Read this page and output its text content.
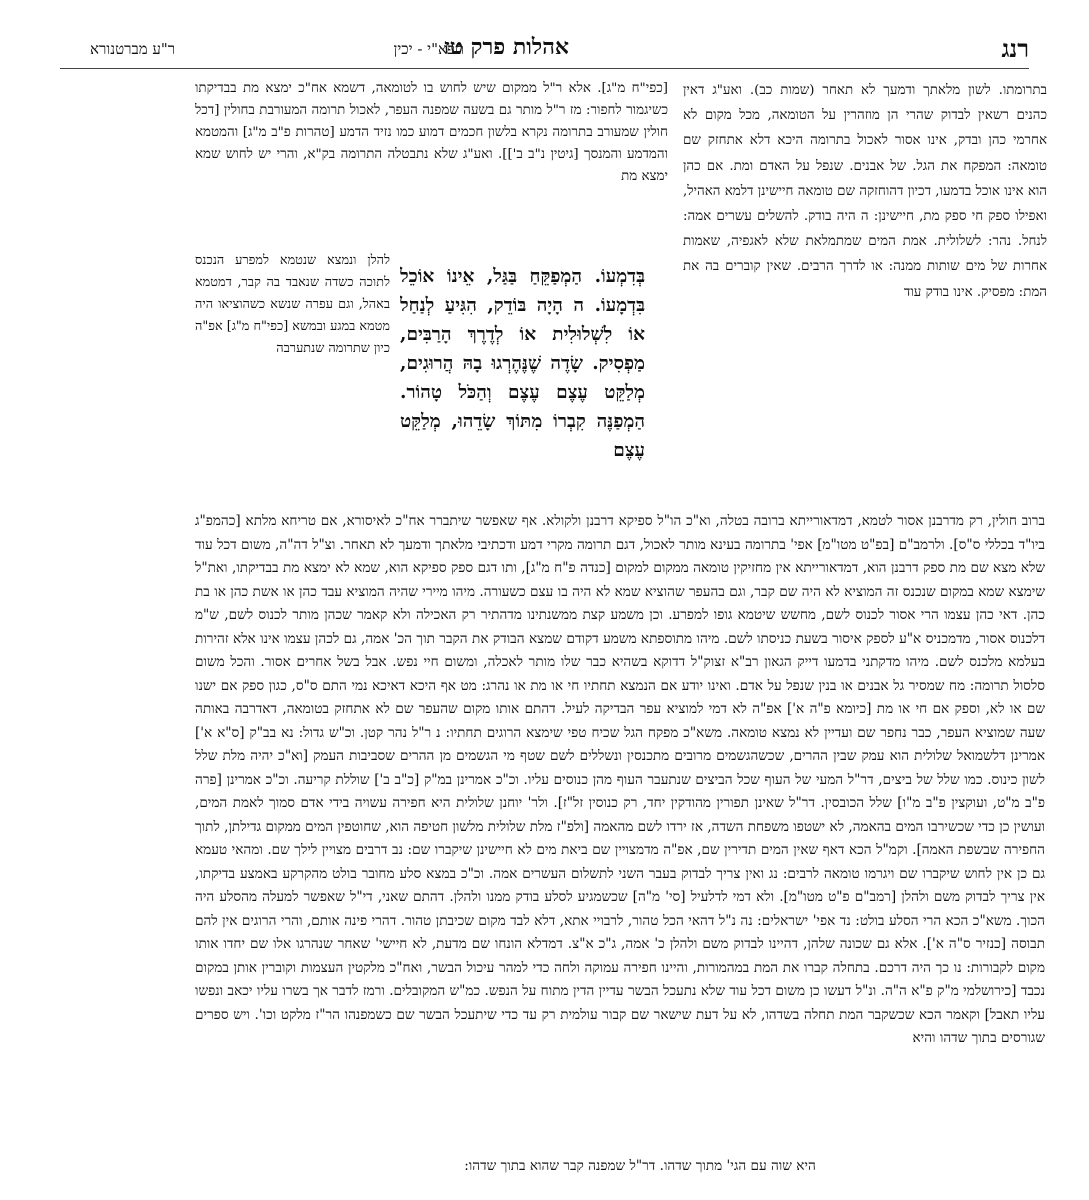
רנג
אהלות פרק טז
תפא"י - יכין
ר"ע מברטנורא

בתרומתו. לשון מלאתך ודמעך לא תאחר (שמות כב). ואע"ג דאין כהנים רשאין לבדוק שהרי הן מוזהרין על הטומאה, מכל מקום לא אחרמי כהן ובדק, אינו אסור לאכול בתרומה היכא דלא אתחזק שם טומאה: המפקח את הגל. של אבנים. שנפל על האדם ומת. אם כהן הוא אינו אוכל בדמעו, דכיון דהוחזקה שם טומאה חיישינן דלמא האהיל, ואפילו ספק חי ספק מת, חיישינן: ה היה בודק. להשלים עשרים אמה: לנחל. נהר: לשלולית. אמת המים שמתמלאת שלא לאגפיה, שאמות אחרות של מים שותות ממנה: או לדרך הרבים. שאין קוברים בה את המת: מפסיק. אינו בודק עוד

בְּדִמְעוֹ. הַמְפַקֵּחַ בַּגַּל, אֵינוֹ אוֹכֵל בִּדְמָעוֹ. ה הָיָה בּוֹדֵק, הִגִּיעַ לְנַחַל אוֹ לִשְׁלוּלִית אוֹ לְדֶרֶךְ הָרַבִּים, מַפְסִיק. שָׂדֶה שֶׁנֶּהֶרְגוּ בָהּ הֲרוּגִים, מְלַקֵּט עֶצֶם עֶצֶם וְהַכֹּל טָהוֹר. הַמְפַנֶּה קִבְרוֹ מִתּוֹךְ שָׂדֵהוּ, מְלַקֵּט עֶצֶם

[כפי"ח מ"ג]. אלא ר"ל ממקום שיש לחוש בו לטומאה, דשמא אח"כ ימצא מת בבדיקתו כשיגמור לחפור: מז ר"ל מותר גם בשעה שמפנה העפר, לאכול תרומה המעורבת בחולין [דכל חולין שמעורב בתרומה נקרא בלשון חכמים דמוע כמו נזיד הדמע [טהרות פ"ב מ"ג] והמטמא והמדמע והמנסך [גיטין נ"ב ב']]. ואע"ג שלא נתבטלה התרומה בק"א, והרי יש לחוש שמא ימצא מת

להלן ונמצא שנטמא למפרע הנכנס לתוכה כשדה שנאבד בה קבר, דמטמא באהל, וגם עפרה שנשא כשהוציאו היה מטמא במגע ובמשא [כפי"ח מ"ג] אפ"ה כיון שתרומה שנתערבה

ברוב חולין, רק מדרבנן אסור לטמא, דמדאורייתא ברובה בטלה, וא"כ הו"ל ספיקא דרבנן ולקולא. אף שאפשר שיתברר אח"כ לאיסורא, אם טריחא מלתא [כהמפ"ג ביו"ד בכללי ס"ס]. ולרמב"ם [בפ"ט מטו"מ] אפי' בתרומה בעינא מותר לאכול, דגם תרומה מקרי דמע ודכתיבי מלאתך ודמעך לא תאחר. וצ"ל דה"ה, משום דכל עוד שלא מצא שם מת ספק דרבנן הוא, דמדאורייתא אין מחזיקין טומאה ממקום למקום [כנדה פ"ח מ"ג], ותו דגם ספק ספיקא הוא, שמא לא ימצא מת בבדיקתו, ואת"ל שימצא שמא במקום שנכנס זה המוציא לא היה שם קבר, וגם בהעפר שהוציא שמא לא היה בו עצם כשעורה. מיהו מיירי שהיה המוציא עבד כהן או אשת כהן או בת כהן. דאי כהן עצמו הרי אסור לכנוס לשם, מחשש שיטמא גופו למפרע. וכן משמע קצת ממשנתינו מדהתיר רק האכילה ולא קאמר שכהן מותר לכנוס לשם, ש"מ דלכנוס אסור, מדמכניס א"ע לספק איסור בשעת כניסתו לשם. מיהו מתוספתא משמע דקודם שמצא הבודק את הקבר תוך הכ' אמה, גם לכהן עצמו אינו אלא זהירות בעלמא מלכנס לשם. מיהו מדקתני בדמעו דייק הגאון רב"א זצוק"ל דדוקא בשהיא כבר שלו מותר לאכלה, ומשום חיי נפש. אבל בשל אחרים אסור. והכל משום סלסול תרומה: מח שמסיר גל אבנים או בנין שנפל על אדם. ואינו יודע אם הנמצא תחתיו חי או מת או נהרג: מט אף היכא דאיכא נמי התם ס"ס, כגון ספק אם ישנו שם או לא, וספק אם חי או מת [כיומא פ"ה א'] אפ"ה לא דמי למוציא עפר הבדיקה לעיל. דהתם אותו מקום שהעפר שם לא אתחזק בטומאה, דאדרבה באותה שעה שמוציא העפר, כבר נחפר שם ועדיין לא נמצא טומאה. משא"כ מפקח הגל שכיח טפי שימצא הרוגים תחתיו: נ ר"ל נהר קטן. וכ"ש גדול: נא בב"ק [ס"א א'] אמרינן דלשמואל שלולית הוא עמק שבין ההרים, שכשהגשמים מרובים מתכנסין ונשללים לשם שטף מי הגשמים מן ההרים שסביבות העמק [וא"כ יהיה מלת שלל לשון כינוס. כמו שלל של ביצים, דר"ל המעי של העוף שכל הביצים שנתעבר העוף מהן כנוסים עליו. וכ"כ אמרינן במ"ק [כ"ב ב'] שוללת קריעה. וכ"כ אמרינן [פרה פ"ב מ"ט, ועוקצין פ"ב מ"ו] שלל הכובסין. דר"ל שאינן תפורין מהודקין יחד, רק כנוסין זל"ז]. ולר' יוחנן שלולית היא חפירה עשויה בידי אדם סמוך לאמת המים, ועושין כן כדי שכשירבו המים בהאמה, לא ישטפו משפחת השדה, אז ירדו לשם מהאמה [ולפ"ז מלת שלולית מלשון חטיפה הוא, שחוטפין המים ממקום גדילתן, לתוך החפירה שבשפת האמה]. וקמ"ל הכא דאף שאין המים תדירין שם, אפ"ה מדמצויין שם ביאת מים לא חיישינן שיקברו שם: נב דרבים מצויין לילך שם. ומהאי טעמא גם כן אין לחוש שיקברו שם ויגרמו טומאה לרבים: נג ואין צריך לבדוק בעבר השני לתשלום העשרים אמה. וכ"כ במצא סלע מחובר בולט מהקרקע באמצע בדיקתו, אין צריך לבדוק משם ולהלן [רמב"ם פ"ט מטו"מ]. ולא דמי לדלעיל [סי' מ"ה] שכשמגיע לסלע בודק ממנו ולהלן. דהתם שאני, די"ל שאפשר למעלה מהסלע היה הכוך. משא"כ הכא הרי הסלע בולט: נד אפי' ישראלים: נה נ"ל דהאי הכל טהור, לרבויי אתא, דלא לבד מקום שכיבתן טהור. דהרי פינה אותם, והרי הרוגים אין להם תבוסה [כנזיר ס"ה א']. אלא גם שכונה שלהן, דהיינו לבדוק משם ולהלן כ' אמה, ג"כ א"צ. דמדלא הונחו שם מדעת, לא חיישי' שאחר שנהרגו אלו שם יחדו אותו מקום לקבורות: נו כך היה דרכם. בתחלה קברו את המת במהמורות, והיינו חפירה עמוקה ולחה כדי למהר עיכול הבשר, ואח"כ מלקטין העצמות וקוברין אותן במקום נכבד [כירושלמי מ"ק פ"א ה"ה. ונ"ל דעשו כן משום דכל עוד שלא נתעכל הבשר עדיין הדין מתוח על הנפש. כמ"ש המקובלים. ורמז לדבר אך בשרו עליו יכאב ונפשו עליו תאבל] וקאמר הכא שכשקבר המת תחלה בשדהו, לא על דעת שישאר שם קבור עולמית רק עד כדי שיתעכל הבשר שם כשמפנהו הר"ז מלקט וכו'. ויש ספרים שגורסים בתוך שדהו והיא

היא שוה עם הגי' מתוך שדהו. דר"ל שמפנה קבר שהוא בתוך שדהו:
